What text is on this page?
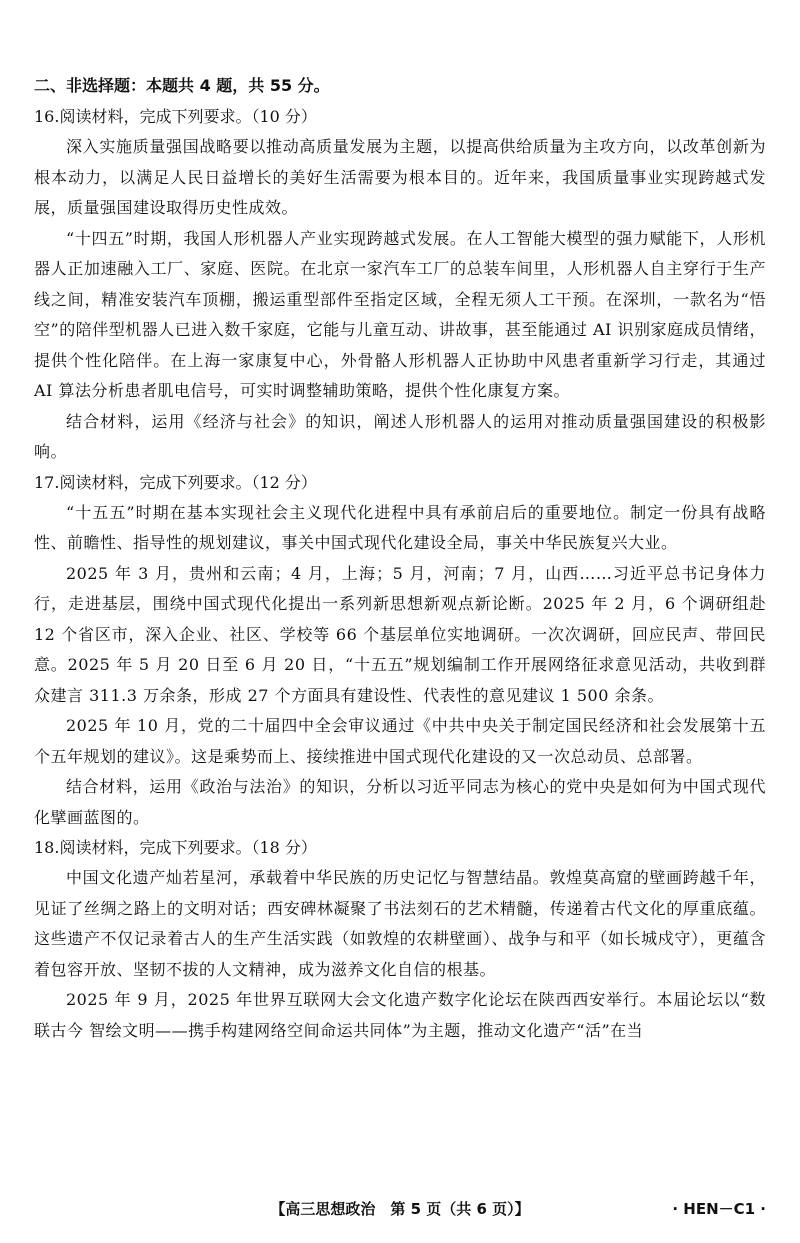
二、非选择题：本题共 4 题，共 55 分。

16.阅读材料，完成下列要求。（10 分）

深入实施质量强国战略要以推动高质量发展为主题，以提高供给质量为主攻方向，以改革创新为根本动力，以满足人民日益增长的美好生活需要为根本目的。近年来，我国质量事业实现跨越式发展，质量强国建设取得历史性成效。

“十四五”时期，我国人形机器人产业实现跨越式发展。在人工智能大模型的强力赋能下，人形机器人正加速融入工厂、家庭、医院。在北京一家汽车工厂的总装车间里，人形机器人自主穿行于生产线之间，精准安装汽车顶棚，搬运重型部件至指定区域，全程无须人工干预。在深圳，一款名为“悟空”的陪伴型机器人已进入数千家庭，它能与儿童互动、讲故事，甚至能通过 AI 识别家庭成员情绪，提供个性化陪伴。在上海一家康复中心，外骨骼人形机器人正协助中风患者重新学习行走，其通过 AI 算法分析患者肌电信号，可实时调整辅助策略，提供个性化康复方案。

结合材料，运用《经济与社会》的知识，阐述人形机器人的运用对推动质量强国建设的积极影响。

17.阅读材料，完成下列要求。（12 分）

“十五五”时期在基本实现社会主义现代化进程中具有承前启后的重要地位。制定一份具有战略性、前瞻性、指导性的规划建议，事关中国式现代化建设全局，事关中华民族复兴大业。

2025 年 3 月，贵州和云南；4 月，上海；5 月，河南；7 月，山西……习近平总书记身体力行，走进基层，围绕中国式现代化提出一系列新思想新观点新论断。2025 年 2 月，6 个调研组赴 12 个省区市，深入企业、社区、学校等 66 个基层单位实地调研。一次次调研，回应民声、带回民意。2025 年 5 月 20 日至 6 月 20 日，“十五五”规划编制工作开展网络征求意见活动，共收到群众建言 311.3 万余条，形成 27 个方面具有建设性、代表性的意见建议 1 500 余条。

2025 年 10 月，党的二十届四中全会审议通过《中共中央关于制定国民经济和社会发展第十五个五年规划的建议》。这是乘势而上、接续推进中国式现代化建设的又一次总动员、总部署。

结合材料，运用《政治与法治》的知识，分析以习近平同志为核心的党中央是如何为中国式现代化擘画蓝图的。

18.阅读材料，完成下列要求。（18 分）

中国文化遗产灿若星河，承载着中华民族的历史记忆与智慧结晶。敦煌莫高窟的壁画跨越千年，见证了丝绸之路上的文明对话；西安碑林凝聚了书法刻石的艺术精髓，传递着古代文化的厚重底蕴。这些遗产不仅记录着古人的生产生活实践（如敦煌的农耕壁画）、战争与和平（如长城戍守），更蕴含着包容开放、坚韧不拔的人文精神，成为滋养文化自信的根基。

2025 年 9 月，2025 年世界互联网大会文化遗产数字化论坛在陕西西安举行。本届论坛以“数联古今 智绘文明——携手构建网络空间命运共同体”为主题，推动文化遗产“活”在当

【高三思想政治　第 5 页（共 6 页）】	· HEN－C1 ·
